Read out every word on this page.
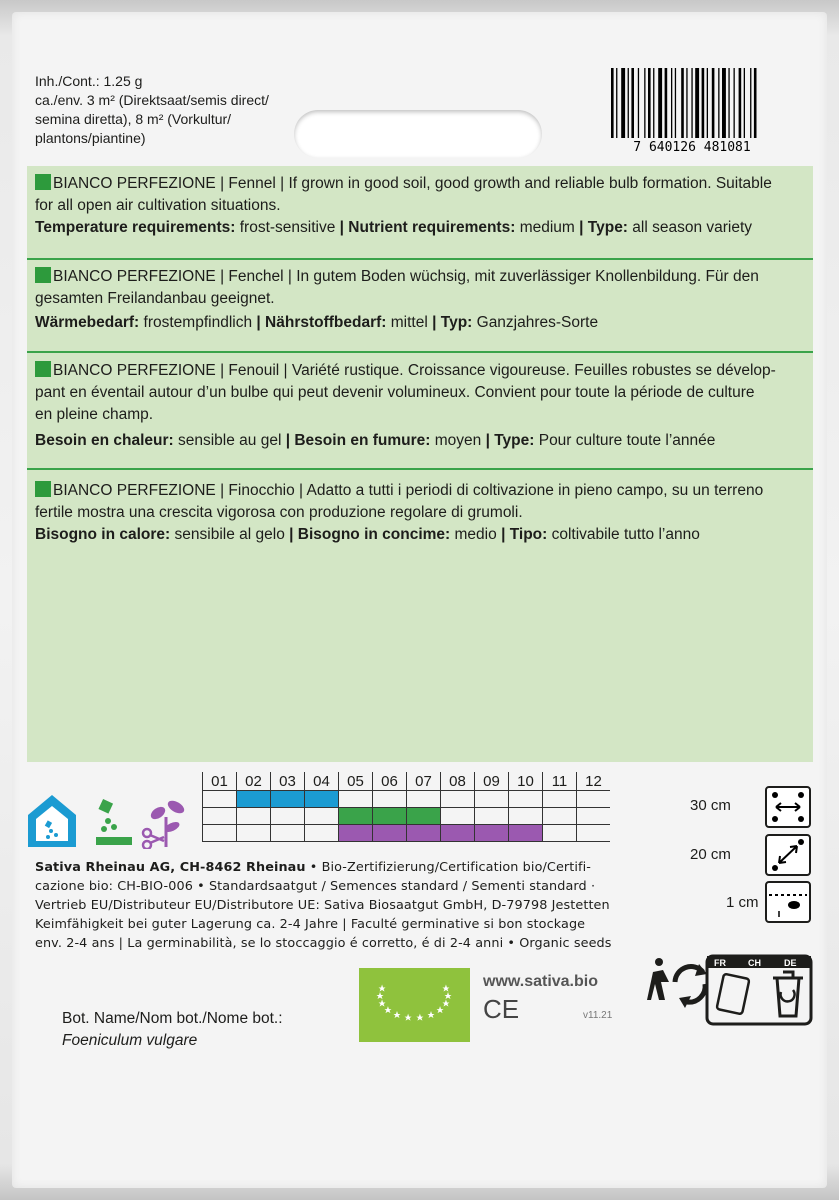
Inh./Cont.: 1.25 g
ca./env. 3 m² (Direktsaat/semis direct/
semina diretta), 8 m² (Vorkultur/
plantons/piantine)
7 640126 481081
BIANCO PERFEZIONE | Fennel | If grown in good soil, good growth and reliable bulb formation. Suitable
for all open air cultivation situations.
Temperature requirements: frost-sensitive | Nutrient requirements: medium | Type: all season variety
BIANCO PERFEZIONE | Fenchel | In gutem Boden wüchsig, mit zuverlässiger Knollenbildung. Für den
gesamten Freilandanbau geeignet.
Wärmebedarf: frostempfindlich | Nährstoffbedarf: mittel | Typ: Ganzjahres-Sorte
BIANCO PERFEZIONE | Fenouil | Variété rustique. Croissance vigoureuse. Feuilles robustes se dévelop-
pant en éventail autour d’un bulbe qui peut devenir volumineux. Convient pour toute la période de culture
en pleine champ.
Besoin en chaleur: sensible au gel | Besoin en fumure: moyen | Type: Pour culture toute l’année
BIANCO PERFEZIONE | Finocchio | Adatto a tutti i periodi di coltivazione in pieno campo, su un terreno
fertile mostra una crescita vigorosa con produzione regolare di grumoli.
Bisogno in calore: sensibile al gelo | Bisogno in concime: medio | Tipo: coltivabile tutto l’anno
01	02	03	04	05	06	07	08	09	10	11	12

Sativa Rheinau AG, CH-8462 Rheinau • Bio-Zertifizierung/Certification bio/Certifi-
cazione bio: CH-BIO-006 • Standardsaatgut / Semences standard / Sementi standard ·
Vertrieb EU/Distributeur EU/Distributore UE: Sativa Biosaatgut GmbH, D-79798 Jestetten
Keimfähigkeit bei guter Lagerung ca. 2-4 Jahre | Faculté germinative si bon stockage
env. 2-4 ans | La germinabilità, se lo stoccaggio é corretto, é di 2-4 anni • Organic seeds
30 cm
20 cm
1 cm
www.sativa.bio
CE	v11.21
FR CH	DE
Bot. Name/Nom bot./Nome bot.:
Foeniculum vulgare
